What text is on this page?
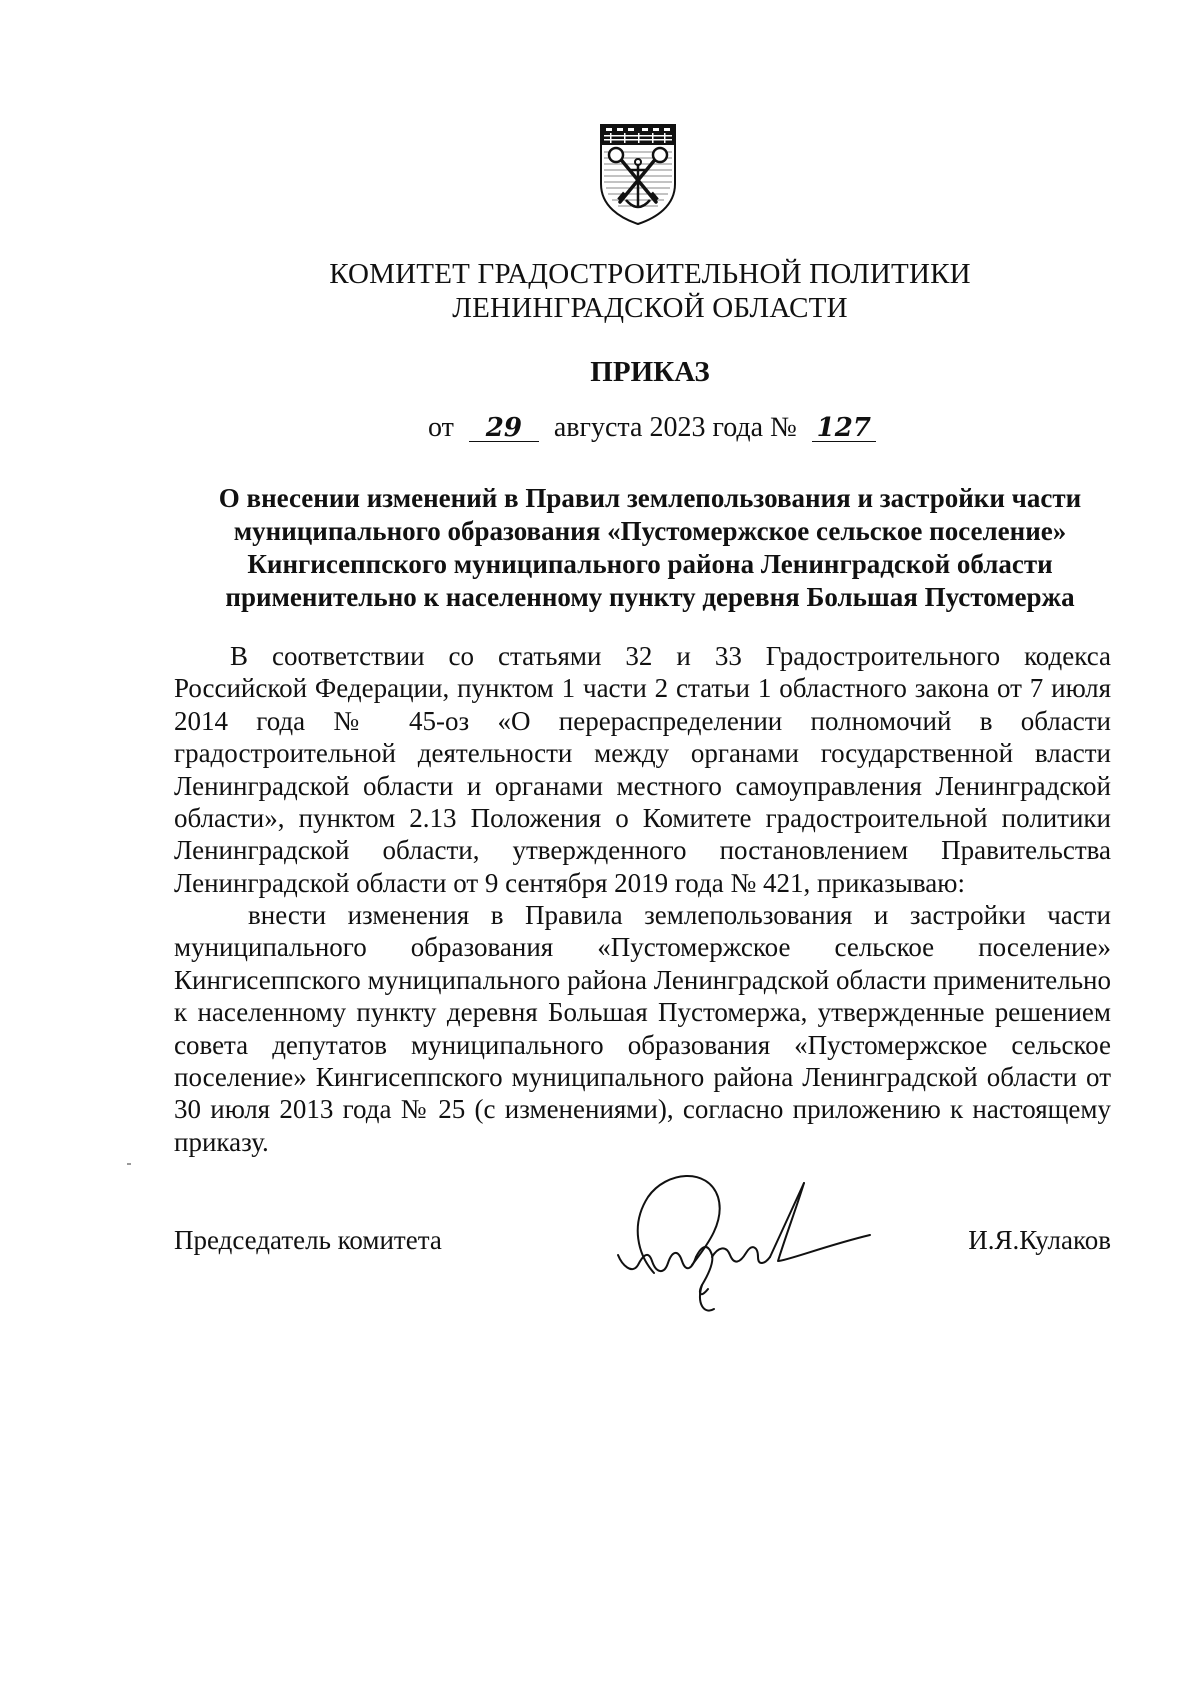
КОМИТЕТ ГРАДОСТРОИТЕЛЬНОЙ ПОЛИТИКИ
ЛЕНИНГРАДСКОЙ ОБЛАСТИ
ПРИКАЗ
от 29 августа 2023 года № 127
О внесении изменений в Правил землепользования и застройки части
муниципального образования «Пустомержское сельское поселение»
Кингисеппского муниципального района Ленинградской области
применительно к населенному пункту деревня Большая Пустомержа
В соответствии со статьями 32 и 33 Градостроительного кодекса Российской Федерации, пунктом 1 части 2 статьи 1 областного закона от 7 июля 2014 года № 45-оз «О перераспределении полномочий в области градостроительной деятельности между органами государственной власти Ленинградской области и органами местного самоуправления Ленинградской области», пунктом 2.13 Положения о Комитете градостроительной политики Ленинградской области, утвержденного постановлением Правительства Ленинградской области от 9 сентября 2019 года № 421, приказываю:
внести изменения в Правила землепользования и застройки части муниципального образования «Пустомержское сельское поселение» Кингисеппского муниципального района Ленинградской области применительно к населенному пункту деревня Большая Пустомержа, утвержденные решением совета депутатов муниципального образования «Пустомержское сельское поселение» Кингисеппского муниципального района Ленинградской области от 30 июля 2013 года № 25 (с изменениями), согласно приложению к настоящему приказу.
Председатель комитета	И.Я.Кулаков
